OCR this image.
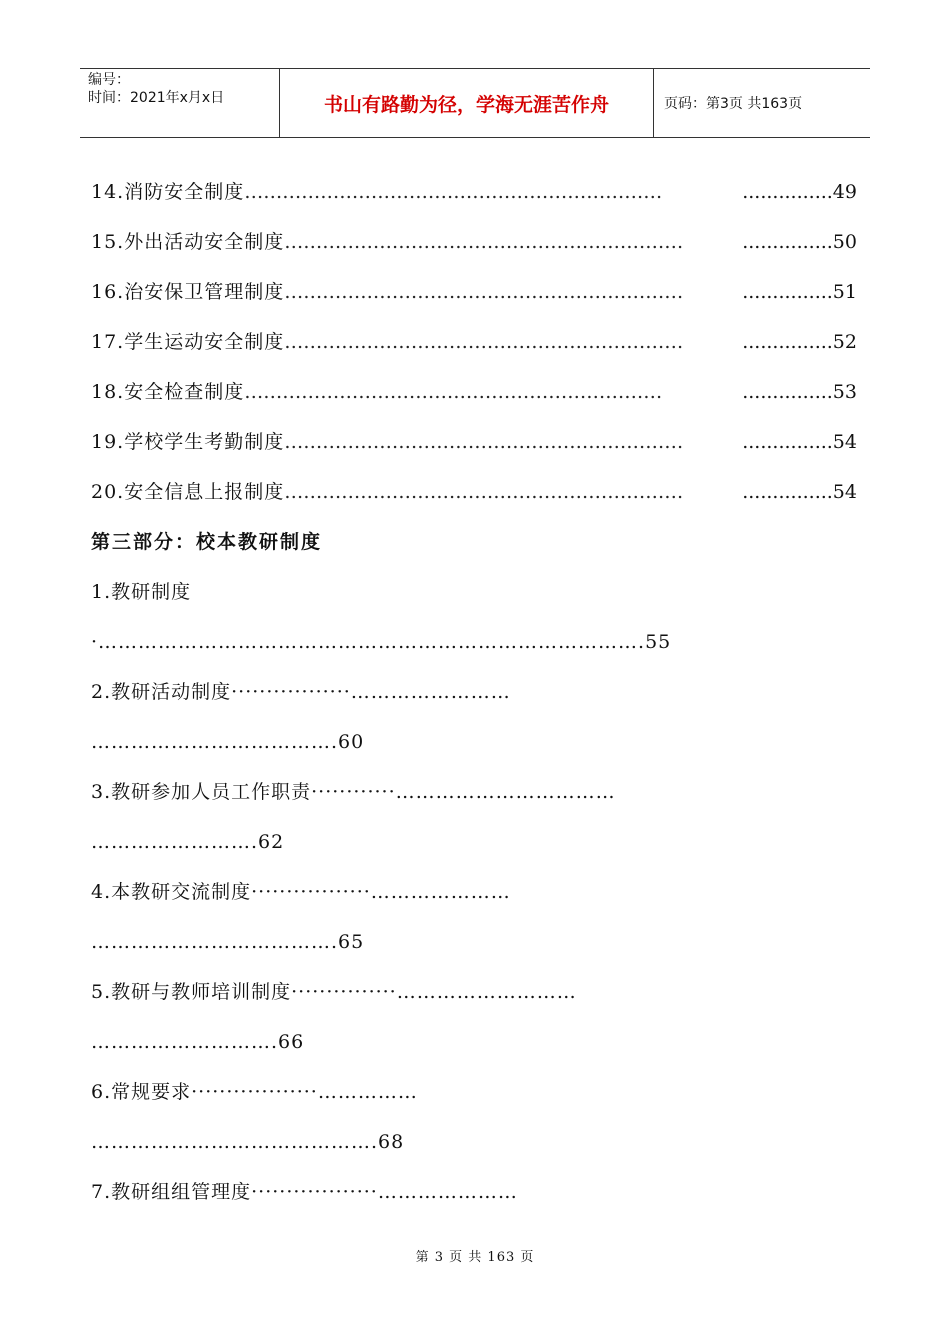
编号：
时间：2021年x月x日	书山有路勤为径，学海无涯苦作舟	页码：第3页 共163页
14.消防安全制度…………………………………………………………	...............49
15.外出活动安全制度………………………………………………………	...............50
16.治安保卫管理制度………………………………………………………	...............51
17.学生运动安全制度………………………………………………………	...............52
18.安全检查制度…………………………………………………………	...............53
19.学校学生考勤制度………………………………………………………	...............54
20.安全信息上报制度………………………………………………………	...............54
第三部分：校本教研制度
1.教研制度
·……………………………………………………………………….55
2.教研活动制度·················……………………
……………………………….60
3.教研参加人员工作职责············……………………………
…………………….62
4.本教研交流制度·················…………………
……………………………….65
5.教研与教师培训制度···············………………………
……………………….66
6.常规要求··················……………
…………………………………….68
7.教研组组管理度··················…………………
第 3 页 共 163 页
